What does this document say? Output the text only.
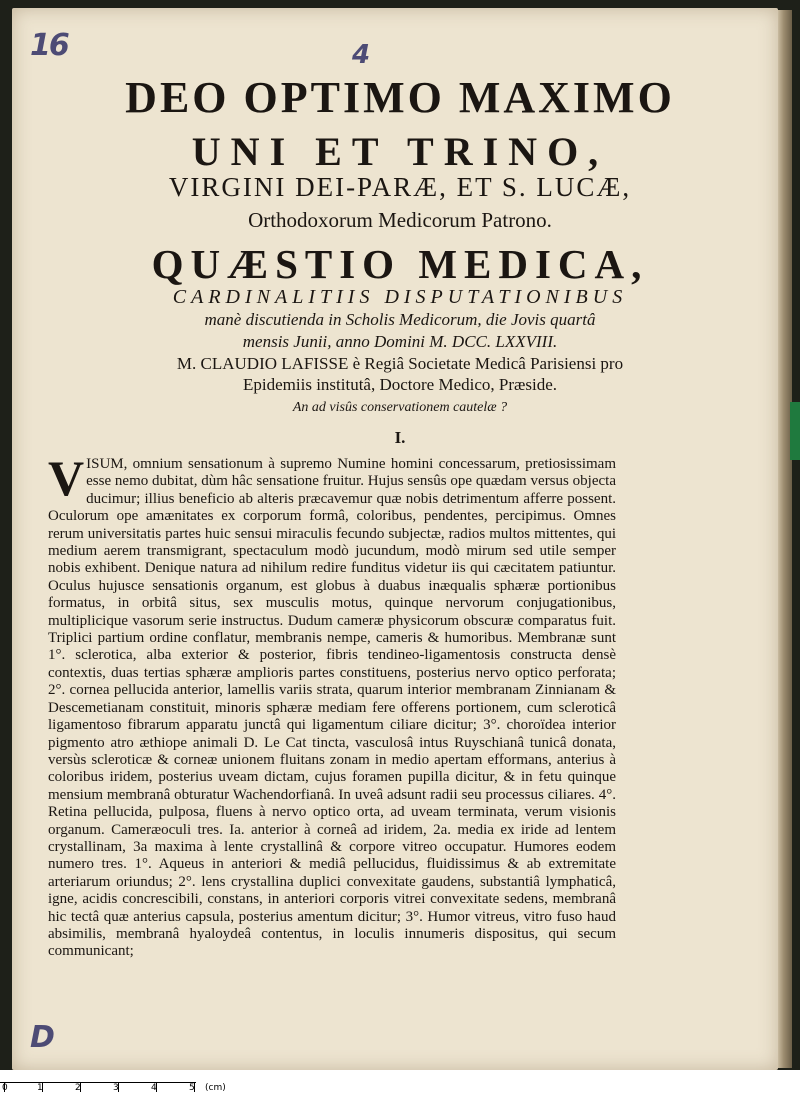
16	4
DEO OPTIMO MAXIMO
UNI ET TRINO,
VIRGINI DEI-PARÆ, ET S. LUCÆ,
Orthodoxorum Medicorum Patrono.
QUÆSTIO MEDICA,
CARDINALITIIS DISPUTATIONIBUS
manè discutienda in Scholis Medicorum, die Jovis quartâ
mensis Junii, anno Domini M. DCC. LXXVIII.
M. CLAUDIO LAFISSE è Regiâ Societate Medicâ Parisiensi pro
Epidemiis institutâ, Doctore Medico, Præside.
An ad visûs conservationem cautelæ ?
I.
V ISUM, omnium sensationum à supremo Numine homini concessarum, pretiosissimam esse nemo dubitat, dùm hâc sensatione fruitur. Hujus sensûs ope quædam versus objecta ducimur; illius beneficio ab alteris præcavemur quæ nobis detrimentum afferre possent. Oculorum ope amænitates ex corporum formâ, coloribus, pendentes, percipimus. Omnes rerum universitatis partes huic sensui miraculis fecundo subjectæ, radios multos mittentes, qui medium aerem transmigrant, spectaculum modò jucundum, modò mirum sed utile semper nobis exhibent. Denique natura ad nihilum redire funditus videtur iis qui cæcitatem patiuntur. Oculus hujusce sensationis organum, est globus à duabus inæqualis sphæræ portionibus formatus, in orbitâ situs, sex musculis motus, quinque nervorum conjugationibus, multiplicique vasorum serie instructus. Dudum cameræ physicorum obscuræ comparatus fuit. Triplici partium ordine conflatur, membranis nempe, cameris & humoribus. Membranæ sunt 1°. sclerotica, alba exterior & posterior, fibris tendineo-ligamentosis constructa densè contextis, duas tertias sphæræ amplioris partes constituens, posterius nervo optico perforata; 2°. cornea pellucida anterior, lamellis variis strata, quarum interior membranam Zinnianam & Descemetianam constituit, minoris sphæræ mediam fere offerens portionem, cum scleroticâ ligamentoso fibrarum apparatu junctâ qui ligamentum ciliare dicitur; 3°. choroïdea interior pigmento atro æthiope animali D. Le Cat tincta, vasculosâ intus Ruyschianâ tunicâ donata, versùs scleroticæ & corneæ unionem fluitans zonam in medio apertam efformans, anterius à coloribus iridem, posterius uveam dictam, cujus foramen pupilla dicitur, & in fetu quinque mensium membranâ obturatur Wachendorfianâ. In uveâ adsunt radii seu processus ciliares. 4°. Retina pellucida, pulposa, fluens à nervo optico orta, ad uveam terminata, verum visionis organum. Cameræoculi tres. Ia. anterior à corneâ ad iridem, 2a. media ex iride ad lentem crystallinam, 3a maxima à lente crystallinâ & corpore vitreo occupatur. Humores eodem numero tres. 1°. Aqueus in anteriori & mediâ pellucidus, fluidissimus & ab extremitate arteriarum oriundus; 2°. lens crystallina duplici convexitate gaudens, substantiâ lymphaticâ, igne, acidis concrescibili, constans, in anteriori corporis vitrei convexitate sedens, membranâ hic tectâ quæ anterius capsula, posterius amentum dicitur; 3°. Humor vitreus, vitro fuso haud absimilis, membranâ hyaloydeâ contentus, in loculis innumeris dispositus, qui secum communicant;
D
0	1	2	3	4	5 (cm)
